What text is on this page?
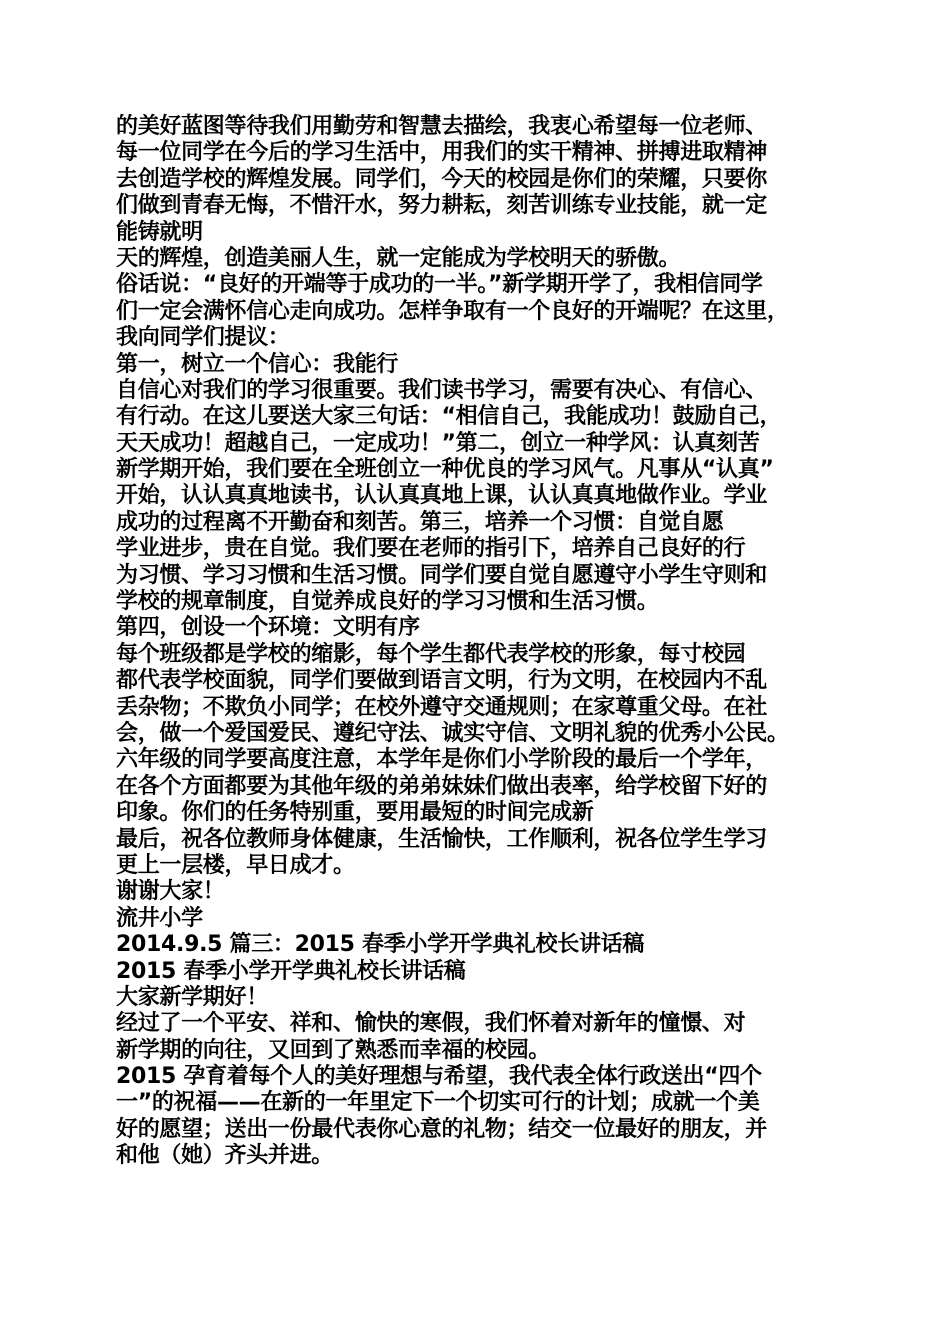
的美好蓝图等待我们用勤劳和智慧去描绘，我衷心希望每一位老师、
每一位同学在今后的学习生活中，用我们的实干精神、拼搏进取精神
去创造学校的辉煌发展。同学们，今天的校园是你们的荣耀，只要你
们做到青春无悔，不惜汗水，努力耕耘，刻苦训练专业技能，就一定
能铸就明
天的辉煌，创造美丽人生，就一定能成为学校明天的骄傲。
俗话说：“良好的开端等于成功的一半。”新学期开学了，我相信同学
们一定会满怀信心走向成功。怎样争取有一个良好的开端呢？在这里，
我向同学们提议：
第一，树立一个信心：我能行
自信心对我们的学习很重要。我们读书学习，需要有决心、有信心、
有行动。在这儿要送大家三句话：“相信自己，我能成功！鼓励自己，
天天成功！超越自己，一定成功！”第二，创立一种学风：认真刻苦
新学期开始，我们要在全班创立一种优良的学习风气。凡事从“认真”
开始，认认真真地读书，认认真真地上课，认认真真地做作业。学业
成功的过程离不开勤奋和刻苦。第三，培养一个习惯：自觉自愿
学业进步，贵在自觉。我们要在老师的指引下，培养自己良好的行
为习惯、学习习惯和生活习惯。同学们要自觉自愿遵守小学生守则和
学校的规章制度，自觉养成良好的学习习惯和生活习惯。
第四，创设一个环境：文明有序
每个班级都是学校的缩影，每个学生都代表学校的形象，每寸校园
都代表学校面貌，同学们要做到语言文明，行为文明，在校园内不乱
丢杂物；不欺负小同学；在校外遵守交通规则；在家尊重父母。在社
会，做一个爱国爱民、遵纪守法、诚实守信、文明礼貌的优秀小公民。
六年级的同学要高度注意，本学年是你们小学阶段的最后一个学年，
在各个方面都要为其他年级的弟弟妹妹们做出表率，给学校留下好的
印象。你们的任务特别重，要用最短的时间完成新
最后，祝各位教师身体健康，生活愉快，工作顺利，祝各位学生学习
更上一层楼，早日成才。
谢谢大家！
流井小学
2014.9.5 篇三：2015 春季小学开学典礼校长讲话稿
2015 春季小学开学典礼校长讲话稿
大家新学期好！
经过了一个平安、祥和、愉快的寒假，我们怀着对新年的憧憬、对
新学期的向往，又回到了熟悉而幸福的校园。
2015 孕育着每个人的美好理想与希望，我代表全体行政送出“四个
一”的祝福——在新的一年里定下一个切实可行的计划；成就一个美
好的愿望；送出一份最代表你心意的礼物；结交一位最好的朋友，并
和他（她）齐头并进。
